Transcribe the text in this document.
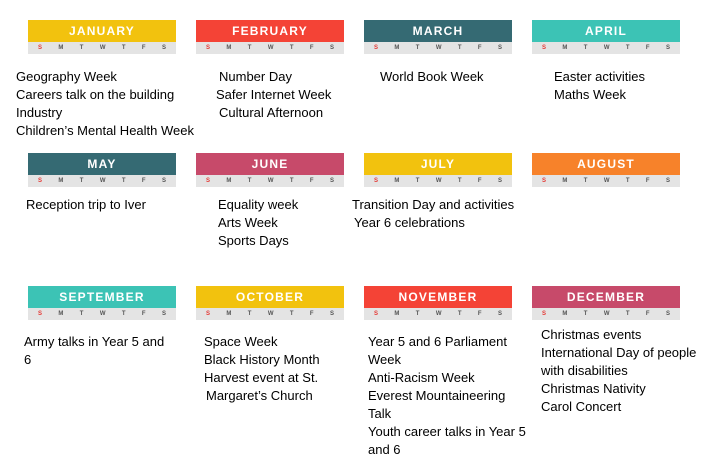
JANUARY
S	M	T	W	T	F	S
Geography Week
Careers talk on the building
Industry
Children’s Mental Health Week
FEBRUARY
S	M	T	W	T	F	S
Number Day
Safer Internet Week
Cultural Afternoon
MARCH
S	M	T	W	T	F	S
World Book Week
APRIL
S	M	T	W	T	F	S
Easter activities
Maths Week
MAY
S	M	T	W	T	F	S
Reception trip to Iver
JUNE
S	M	T	W	T	F	S
Equality week
Arts Week
Sports Days
JULY
S	M	T	W	T	F	S
Transition Day and activities
Year 6 celebrations
AUGUST
S	M	T	W	T	F	S
SEPTEMBER
S	M	T	W	T	F	S
Army talks in Year 5 and
6
OCTOBER
S	M	T	W	T	F	S
Space Week
Black History Month
Harvest event at St.
Margaret’s Church
NOVEMBER
S	M	T	W	T	F	S
Year 5 and 6 Parliament
Week
Anti-Racism Week
Everest Mountaineering
Talk
Youth career talks in Year 5
and 6
DECEMBER
S	M	T	W	T	F	S
Christmas events
International Day of people
with disabilities
Christmas Nativity
Carol Concert
